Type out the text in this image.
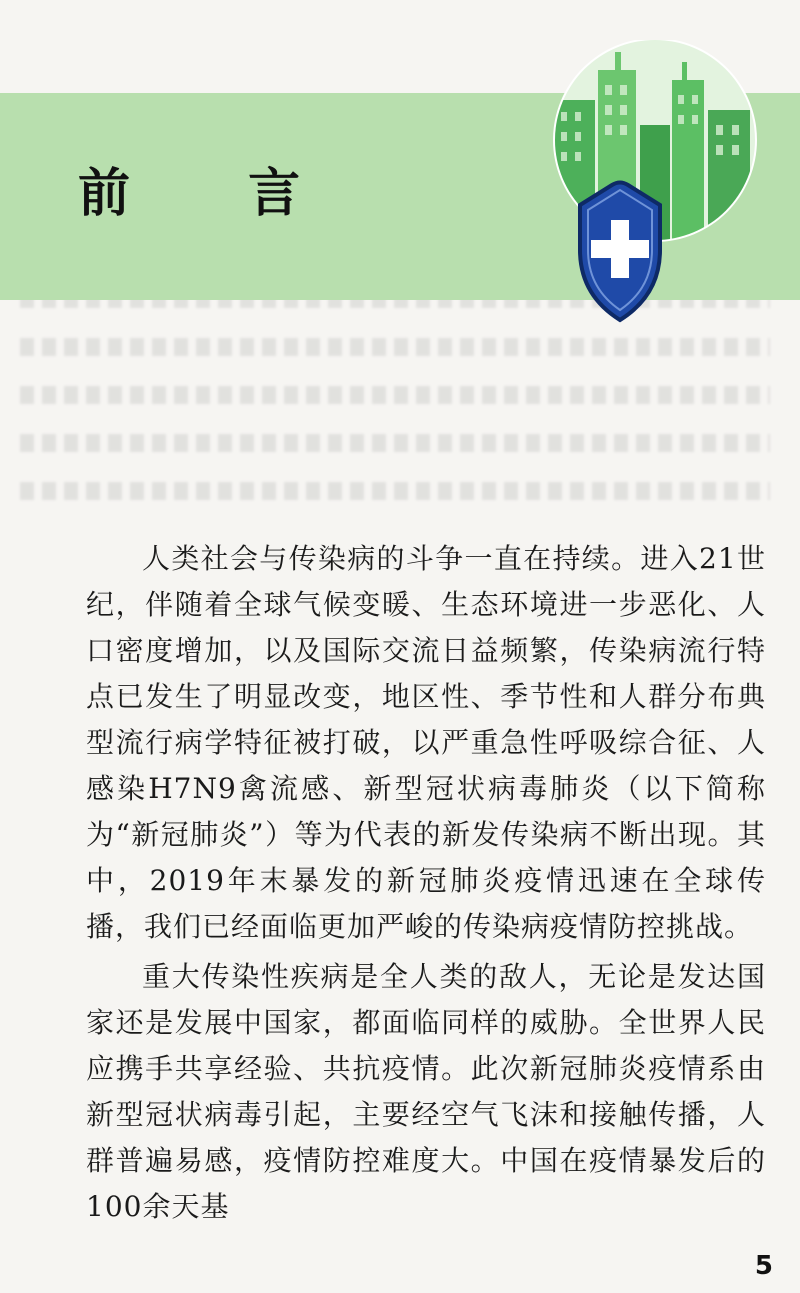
前 言

人类社会与传染病的斗争一直在持续。进入21世纪，伴随着全球气候变暖、生态环境进一步恶化、人口密度增加，以及国际交流日益频繁，传染病流行特点已发生了明显改变，地区性、季节性和人群分布典型流行病学特征被打破，以严重急性呼吸综合征、人感染H7N9禽流感、新型冠状病毒肺炎（以下简称为“新冠肺炎”）等为代表的新发传染病不断出现。其中，2019年末暴发的新冠肺炎疫情迅速在全球传播，我们已经面临更加严峻的传染病疫情防控挑战。

重大传染性疾病是全人类的敌人，无论是发达国家还是发展中国家，都面临同样的威胁。全世界人民应携手共享经验、共抗疫情。此次新冠肺炎疫情系由新型冠状病毒引起，主要经空气飞沫和接触传播，人群普遍易感，疫情防控难度大。中国在疫情暴发后的100余天基

5
